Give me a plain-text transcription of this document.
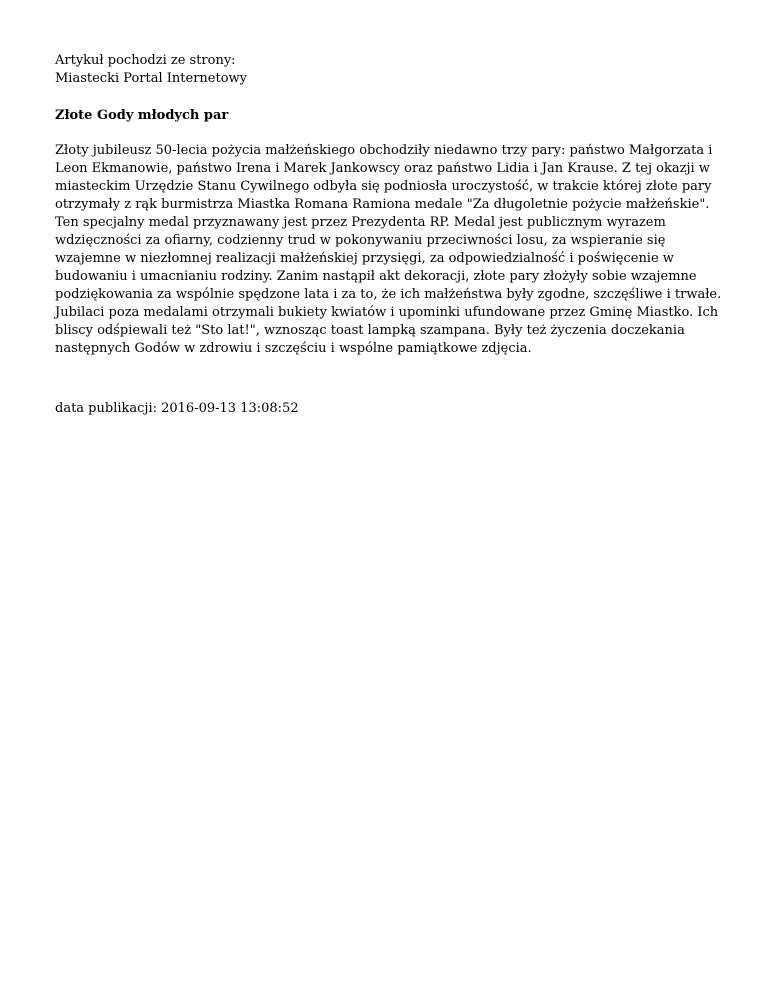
Artykuł pochodzi ze strony:
Miastecki Portal Internetowy

Złote Gody młodych par
Złoty jubileusz 50-lecia pożycia małżeńskiego obchodziły niedawno trzy pary: państwo Małgorzata i
Leon Ekmanowie, państwo Irena i Marek Jankowscy oraz państwo Lidia i Jan Krause. Z tej okazji w
miasteckim Urzędzie Stanu Cywilnego odbyła się podniosła uroczystość, w trakcie której złote pary
otrzymały z rąk burmistrza Miastka Romana Ramiona medale "Za długoletnie pożycie małżeńskie".
Ten specjalny medal przyznawany jest przez Prezydenta RP. Medal jest publicznym wyrazem
wdzięczności za ofiarny, codzienny trud w pokonywaniu przeciwności losu, za wspieranie się
wzajemne w niezłomnej realizacji małżeńskiej przysięgi, za odpowiedzialność i poświęcenie w
budowaniu i umacnianiu rodziny. Zanim nastąpił akt dekoracji, złote pary złożyły sobie wzajemne
podziękowania za wspólnie spędzone lata i za to, że ich małżeństwa były zgodne, szczęśliwe i trwałe.
Jubilaci poza medalami otrzymali bukiety kwiatów i upominki ufundowane przez Gminę Miastko. Ich
bliscy odśpiewali też "Sto lat!", wznosząc toast lampką szampana. Były też życzenia doczekania
następnych Godów w zdrowiu i szczęściu i wspólne pamiątkowe zdjęcia.

data publikacji: 2016-09-13 13:08:52
